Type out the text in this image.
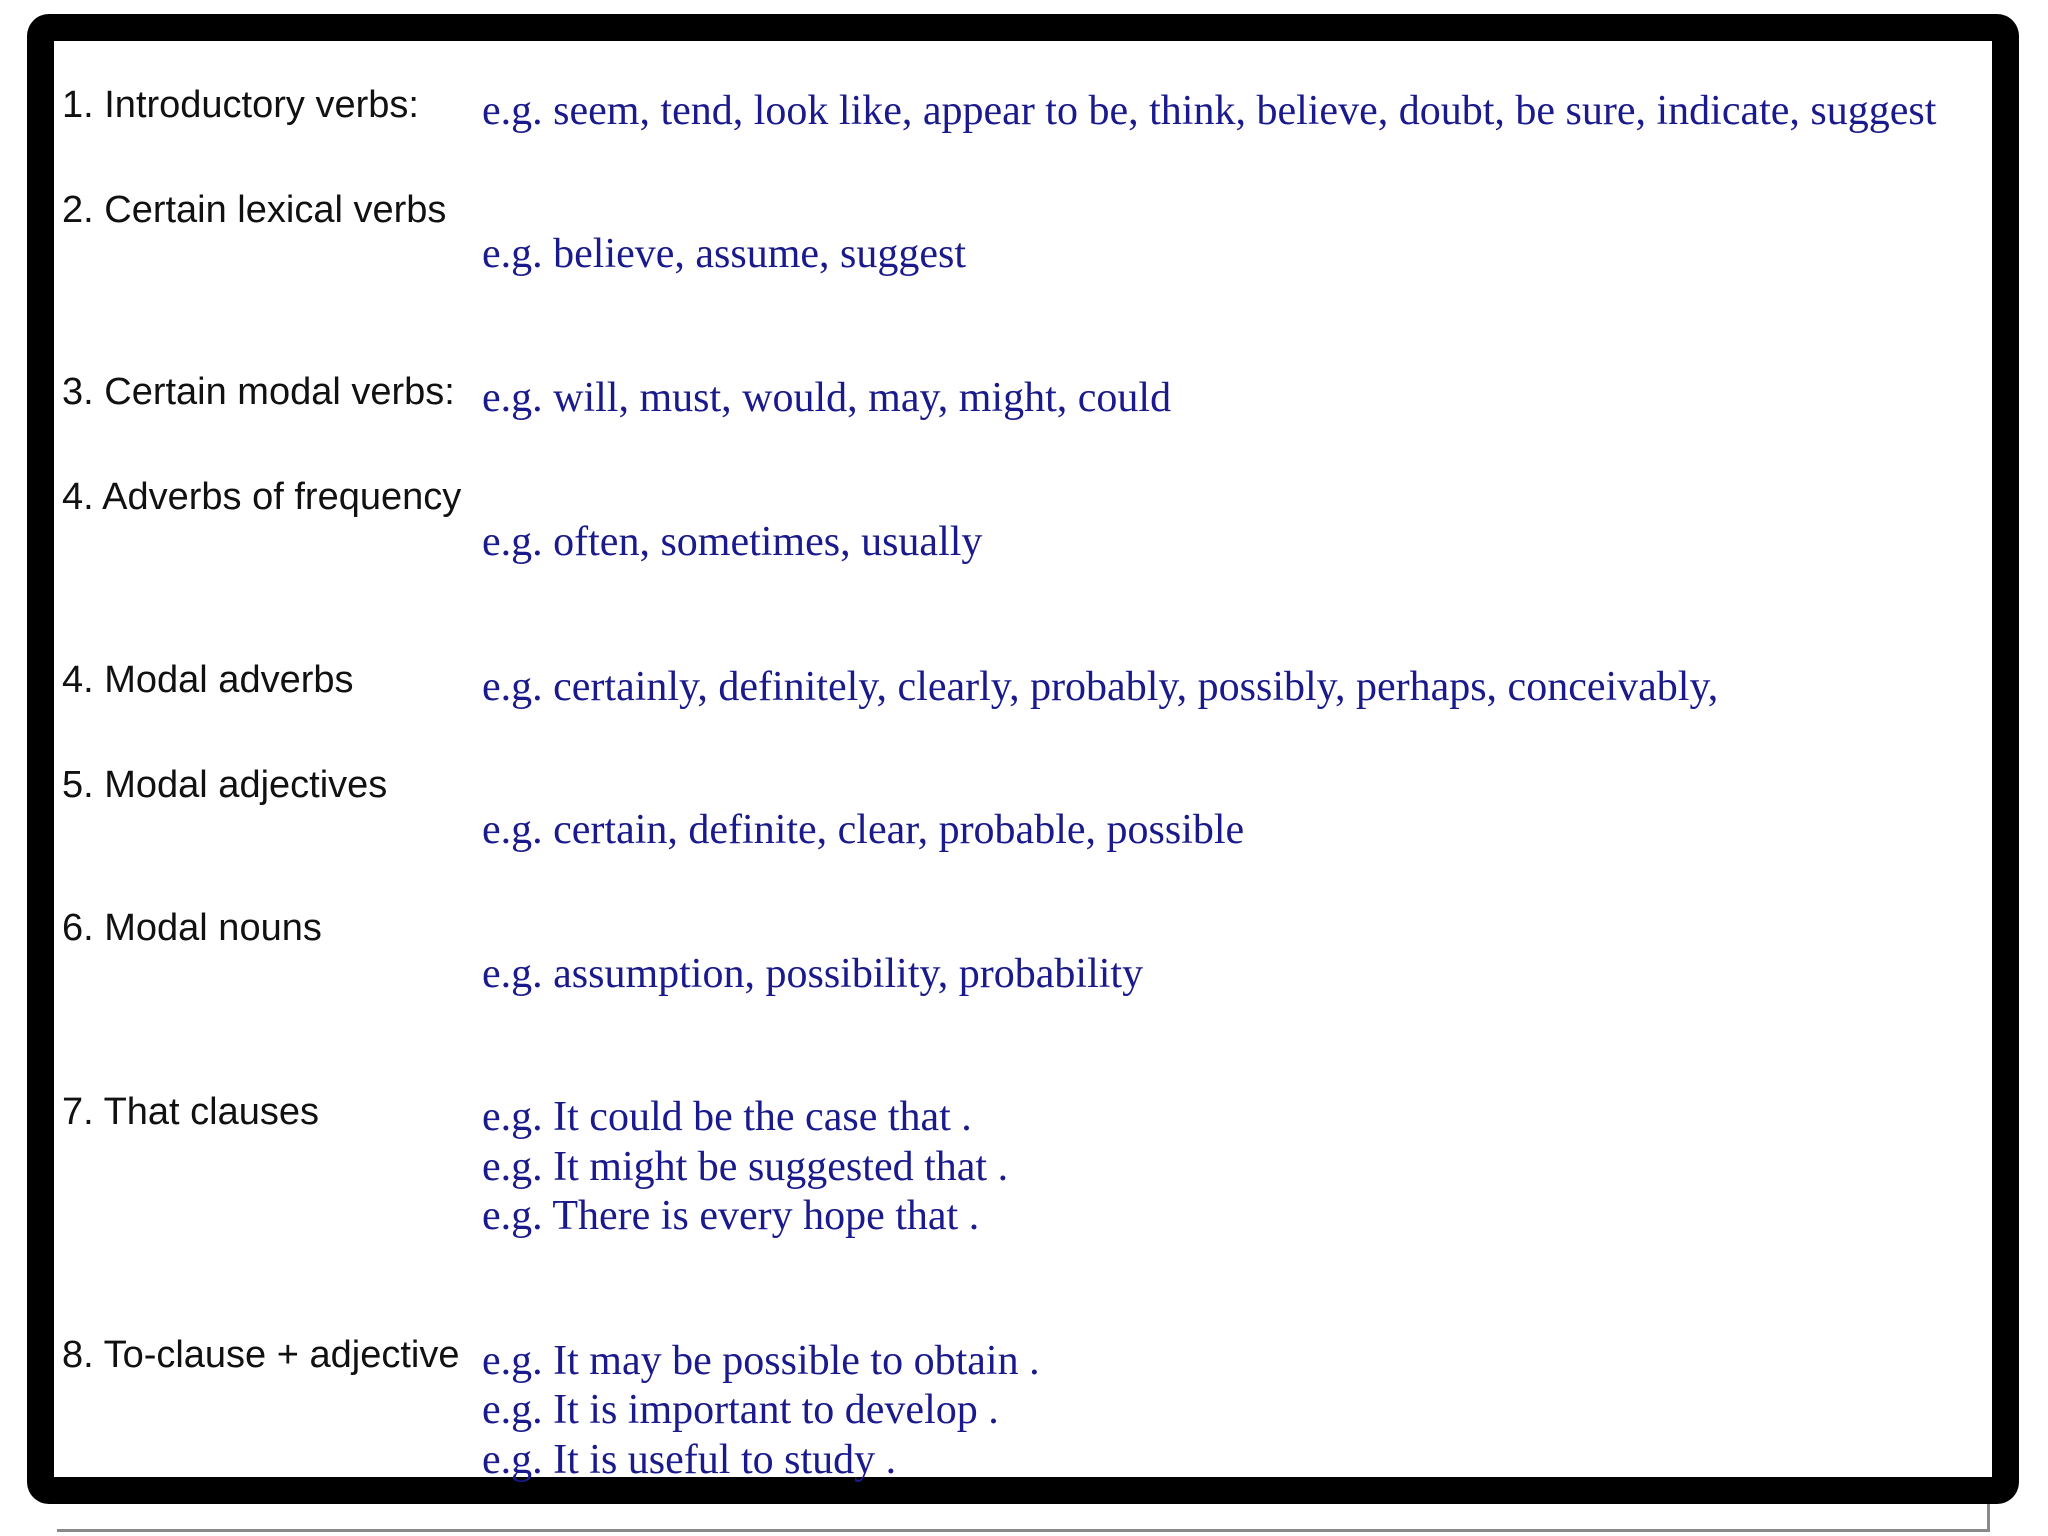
1. Introductory verbs: e.g. seem, tend, look like, appear to be, think, believe, doubt, be sure, indicate, suggest
2. Certain lexical verbs
e.g. believe, assume, suggest
3. Certain modal verbs: e.g. will, must, would, may, might, could
4. Adverbs of frequency
e.g. often, sometimes, usually
4. Modal adverbs	e.g. certainly, definitely, clearly, probably, possibly, perhaps, conceivably,
5. Modal adjectives
e.g. certain, definite, clear, probable, possible
6. Modal nouns
e.g. assumption, possibility, probability
7. That clauses	e.g. It could be the case that .
e.g. It might be suggested that .
e.g. There is every hope that .
8. To-clause + adjective e.g. It may be possible to obtain .
e.g. It is important to develop .
e.g. It is useful to study .
